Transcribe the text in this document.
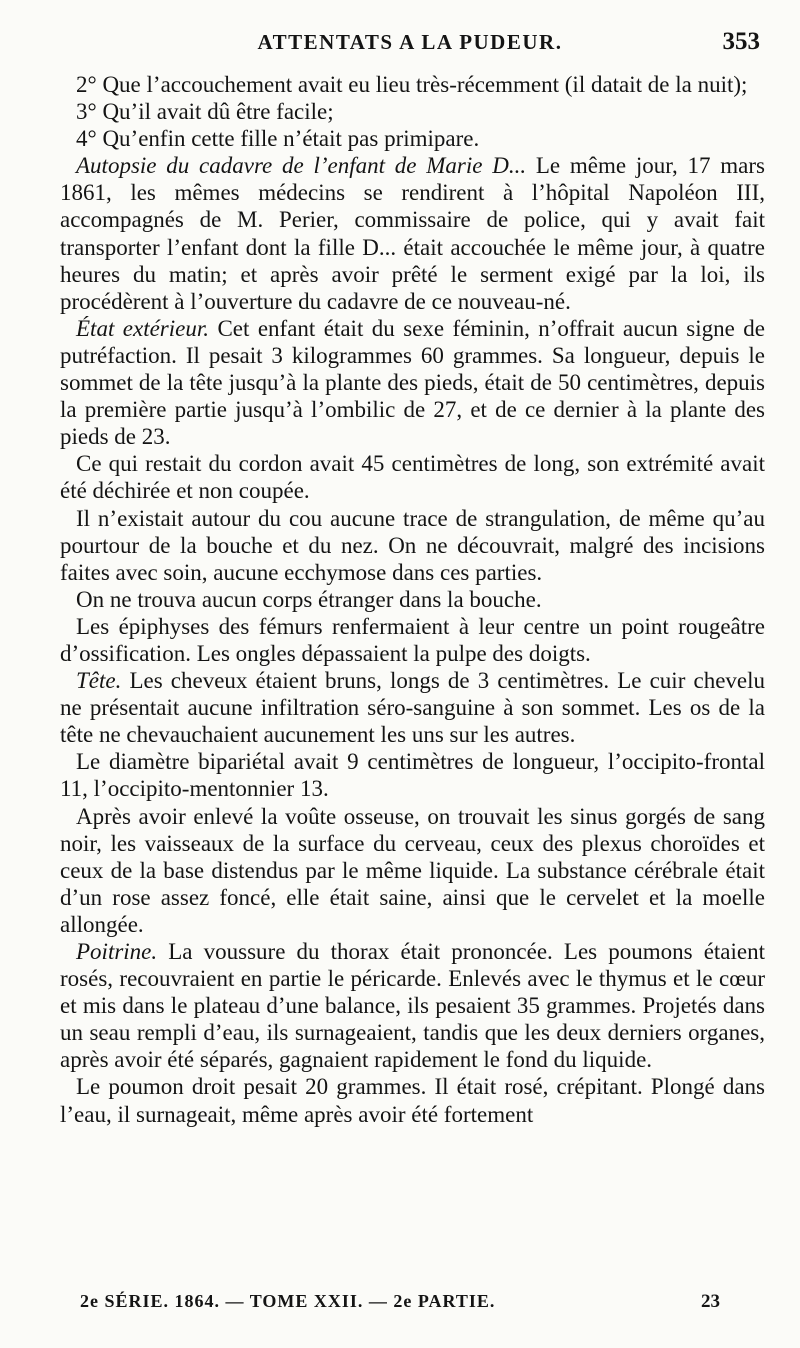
ATTENTATS A LA PUDEUR.	353

2° Que l’accouchement avait eu lieu très-récemment (il datait de la nuit);

3° Qu’il avait dû être facile;

4° Qu’enfin cette fille n’était pas primipare.

Autopsie du cadavre de l’enfant de Marie D... Le même jour, 17 mars 1861, les mêmes médecins se rendirent à l’hôpital Napoléon III, accompagnés de M. Perier, commissaire de police, qui y avait fait transporter l’enfant dont la fille D... était accouchée le même jour, à quatre heures du matin; et après avoir prêté le serment exigé par la loi, ils procédèrent à l’ouverture du cadavre de ce nouveau-né.

État extérieur. Cet enfant était du sexe féminin, n’offrait aucun signe de putréfaction. Il pesait 3 kilogrammes 60 grammes. Sa longueur, depuis le sommet de la tête jusqu’à la plante des pieds, était de 50 centimètres, depuis la première partie jusqu’à l’ombilic de 27, et de ce dernier à la plante des pieds de 23.

Ce qui restait du cordon avait 45 centimètres de long, son extrémité avait été déchirée et non coupée.

Il n’existait autour du cou aucune trace de strangulation, de même qu’au pourtour de la bouche et du nez. On ne découvrait, malgré des incisions faites avec soin, aucune ecchymose dans ces parties.

On ne trouva aucun corps étranger dans la bouche.

Les épiphyses des fémurs renfermaient à leur centre un point rougeâtre d’ossification. Les ongles dépassaient la pulpe des doigts.

Tête. Les cheveux étaient bruns, longs de 3 centimètres. Le cuir chevelu ne présentait aucune infiltration séro-sanguine à son sommet. Les os de la tête ne chevauchaient aucunement les uns sur les autres.

Le diamètre bipariétal avait 9 centimètres de longueur, l’occipito-frontal 11, l’occipito-mentonnier 13.

Après avoir enlevé la voûte osseuse, on trouvait les sinus gorgés de sang noir, les vaisseaux de la surface du cerveau, ceux des plexus choroïdes et ceux de la base distendus par le même liquide. La substance cérébrale était d’un rose assez foncé, elle était saine, ainsi que le cervelet et la moelle allongée.

Poitrine. La voussure du thorax était prononcée. Les poumons étaient rosés, recouvraient en partie le péricarde. Enlevés avec le thymus et le cœur et mis dans le plateau d’une balance, ils pesaient 35 grammes. Projetés dans un seau rempli d’eau, ils surnageaient, tandis que les deux derniers organes, après avoir été séparés, gagnaient rapidement le fond du liquide.

Le poumon droit pesait 20 grammes. Il était rosé, crépitant. Plongé dans l’eau, il surnageait, même après avoir été fortement

2e SÉRIE. 1864. — TOME XXII. — 2e PARTIE.	23
